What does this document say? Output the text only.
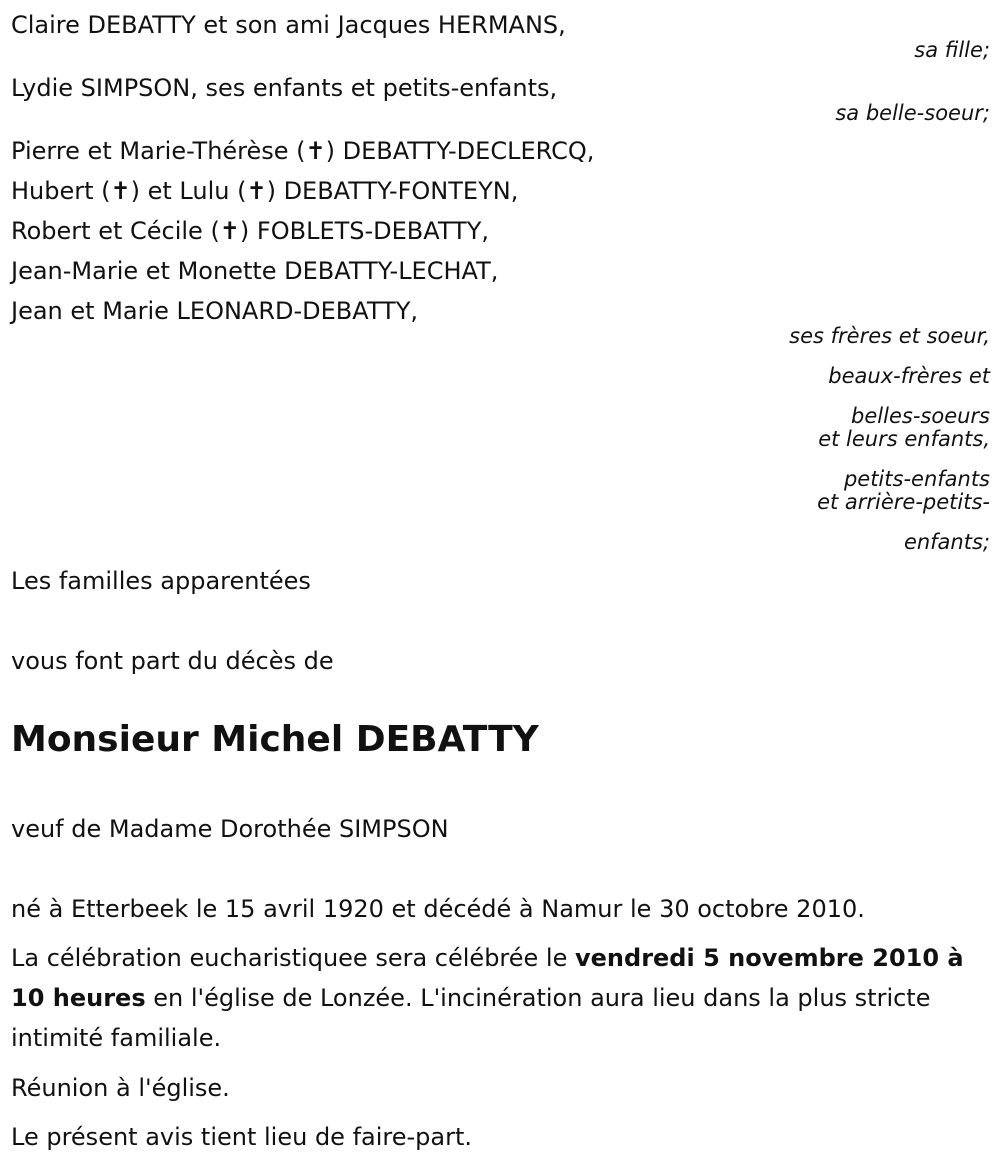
Claire DEBATTY et son ami Jacques HERMANS,
sa fille;
Lydie SIMPSON, ses enfants et petits-enfants,
sa belle-soeur;
Pierre et Marie-Thérèse (✝) DEBATTY-DECLERCQ,
Hubert (✝) et Lulu (✝) DEBATTY-FONTEYN,
Robert et Cécile (✝) FOBLETS-DEBATTY,
Jean-Marie et Monette DEBATTY-LECHAT,
Jean et Marie LEONARD-DEBATTY,
ses frères et soeur,
beaux-frères et
belles-soeurs
et leurs enfants,
petits-enfants
et arrière-petits-
enfants;
Les familles apparentées
vous font part du décès de
Monsieur Michel DEBATTY
veuf de Madame Dorothée SIMPSON
né à Etterbeek le 15 avril 1920 et décédé à Namur le 30 octobre 2010.
La célébration eucharistiquee sera célébrée le vendredi 5 novembre 2010 à 10 heures en l'église de Lonzée. L'incinération aura lieu dans la plus stricte intimité familiale.
Réunion à l'église.
Le présent avis tient lieu de faire-part.
